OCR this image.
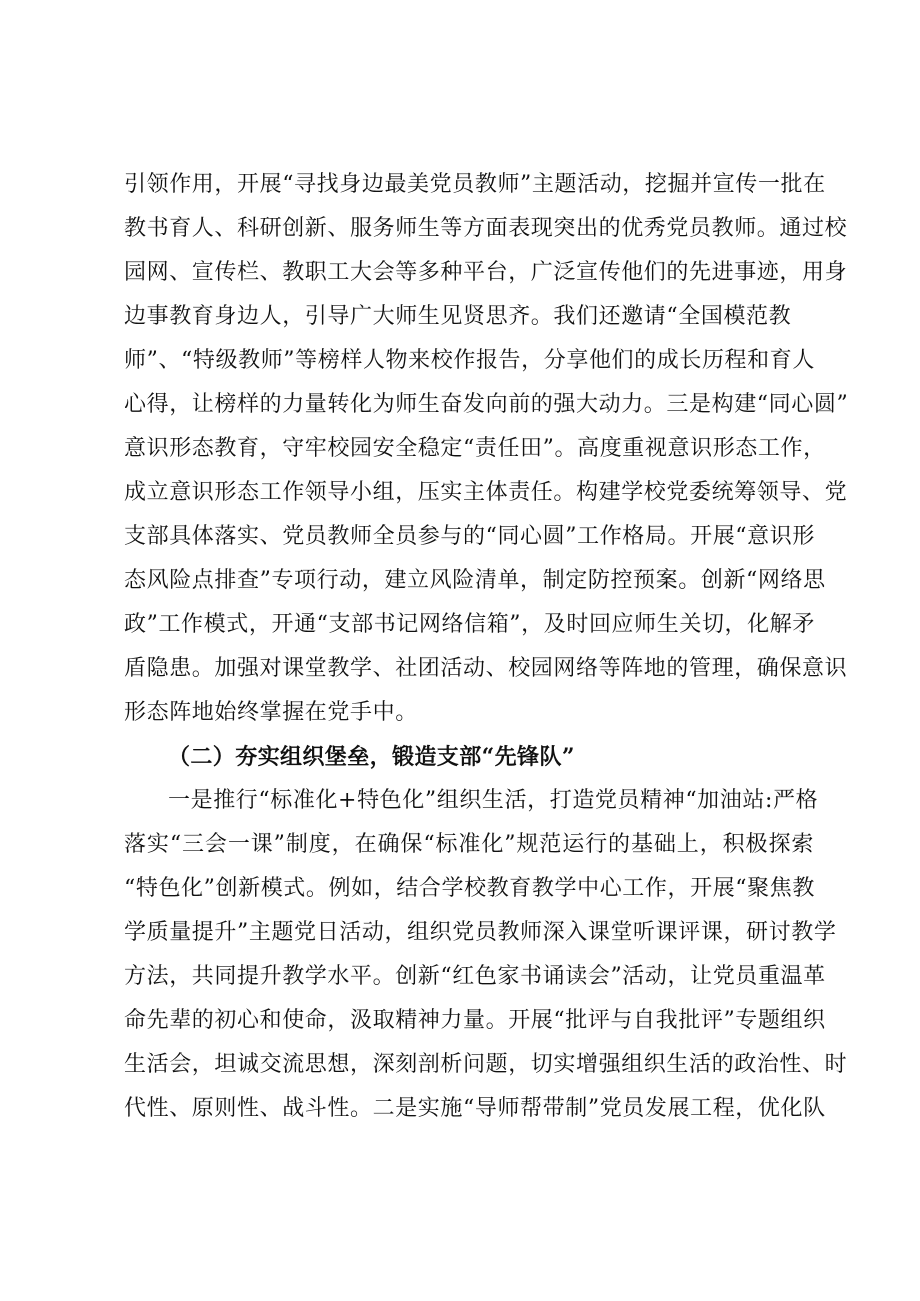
引领作用，开展“寻找身边最美党员教师”主题活动，挖掘并宣传一批在
教书育人、科研创新、服务师生等方面表现突出的优秀党员教师。通过校
园网、宣传栏、教职工大会等多种平台，广泛宣传他们的先进事迹，用身
边事教育身边人，引导广大师生见贤思齐。我们还邀请“全国模范教
师”、“特级教师”等榜样人物来校作报告，分享他们的成长历程和育人
心得，让榜样的力量转化为师生奋发向前的强大动力。三是构建“同心圆”
意识形态教育，守牢校园安全稳定“责任田”。高度重视意识形态工作，
成立意识形态工作领导小组，压实主体责任。构建学校党委统筹领导、党
支部具体落实、党员教师全员参与的“同心圆”工作格局。开展“意识形
态风险点排查”专项行动，建立风险清单，制定防控预案。创新“网络思
政”工作模式，开通“支部书记网络信箱”，及时回应师生关切，化解矛
盾隐患。加强对课堂教学、社团活动、校园网络等阵地的管理，确保意识
形态阵地始终掌握在党手中。
（二）夯实组织堡垒，锻造支部“先锋队”
一是推行“标准化+特色化”组织生活，打造党员精神“加油站:严格
落实“三会一课”制度，在确保“标准化”规范运行的基础上，积极探索
“特色化”创新模式。例如，结合学校教育教学中心工作，开展“聚焦教
学质量提升”主题党日活动，组织党员教师深入课堂听课评课，研讨教学
方法，共同提升教学水平。创新“红色家书诵读会”活动，让党员重温革
命先辈的初心和使命，汲取精神力量。开展“批评与自我批评”专题组织
生活会，坦诚交流思想，深刻剖析问题，切实增强组织生活的政治性、时
代性、原则性、战斗性。二是实施“导师帮带制”党员发展工程，优化队
